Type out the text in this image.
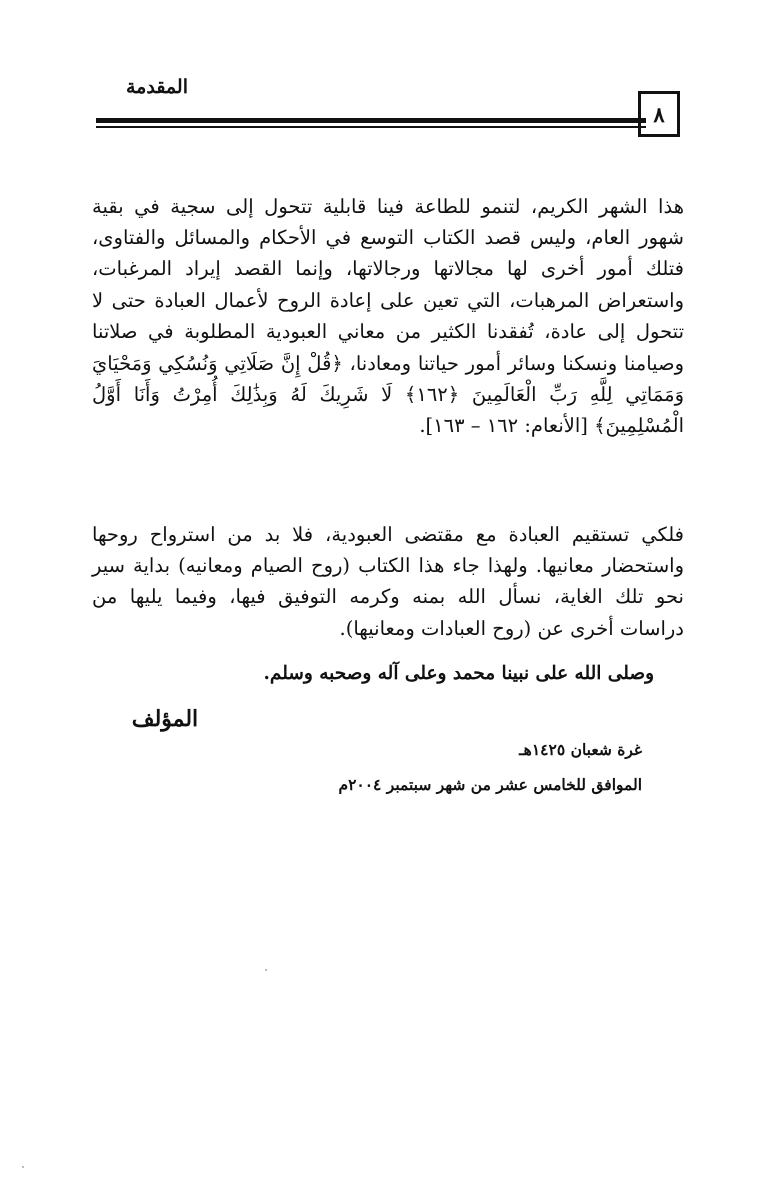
المقدمة
٨

هذا الشهر الكريم، لتنمو للطاعة فينا قابلية تتحول إلى سجية في بقية شهور العام، وليس قصد الكتاب التوسع في الأحكام والمسائل والفتاوى، فتلك أمور أخرى لها مجالاتها ورجالاتها، وإنما القصد إيراد المرغبات، واستعراض المرهبات، التي تعين على إعادة الروح لأعمال العبادة حتى لا تتحول إلى عادة، تُفقدنا الكثير من معاني العبودية المطلوبة في صلاتنا وصيامنا ونسكنا وسائر أمور حياتنا ومعادنا، ﴿قُلْ إِنَّ صَلَاتِي وَنُسُكِي وَمَحْيَايَ وَمَمَاتِي لِلَّهِ رَبِّ الْعَالَمِينَ ﴿١٦٢﴾ لَا شَرِيكَ لَهُ وَبِذَٰلِكَ أُمِرْتُ وَأَنَا أَوَّلُ الْمُسْلِمِينَ﴾ [الأنعام: ١٦٢ – ١٦٣].

فلكي تستقيم العبادة مع مقتضى العبودية، فلا بد من استرواح روحها واستحضار معانيها. ولهذا جاء هذا الكتاب (روح الصيام ومعانيه) بداية سير نحو تلك الغاية، نسأل الله بمنه وكرمه التوفيق فيها، وفيما يليها من دراسات أخرى عن (روح العبادات ومعانيها).

وصلى الله على نبينا محمد وعلى آله وصحبه وسلم.
المؤلف
غرة شعبان ١٤٢٥هـ
الموافق للخامس عشر من شهر سبتمبر ٢٠٠٤م
